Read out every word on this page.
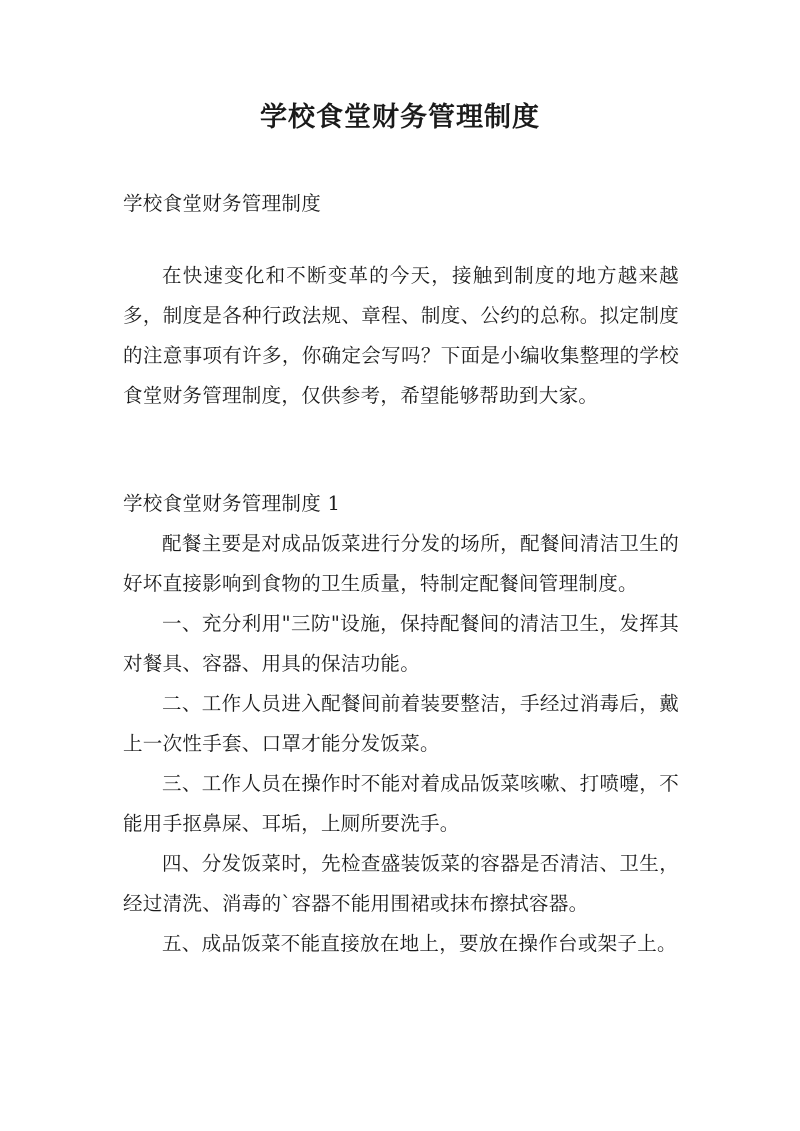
学校食堂财务管理制度

学校食堂财务管理制度

在快速变化和不断变革的今天，接触到制度的地方越来越多，制度是各种行政法规、章程、制度、公约的总称。拟定制度的注意事项有许多，你确定会写吗？下面是小编收集整理的学校食堂财务管理制度，仅供参考，希望能够帮助到大家。

学校食堂财务管理制度 1

配餐主要是对成品饭菜进行分发的场所，配餐间清洁卫生的好坏直接影响到食物的卫生质量，特制定配餐间管理制度。

一、充分利用"三防"设施，保持配餐间的清洁卫生，发挥其对餐具、容器、用具的保洁功能。

二、工作人员进入配餐间前着装要整洁，手经过消毒后，戴上一次性手套、口罩才能分发饭菜。

三、工作人员在操作时不能对着成品饭菜咳嗽、打喷嚏，不能用手抠鼻屎、耳垢，上厕所要洗手。

四、分发饭菜时，先检查盛装饭菜的容器是否清洁、卫生，经过清洗、消毒的`容器不能用围裙或抹布擦拭容器。

五、成品饭菜不能直接放在地上，要放在操作台或架子上。
